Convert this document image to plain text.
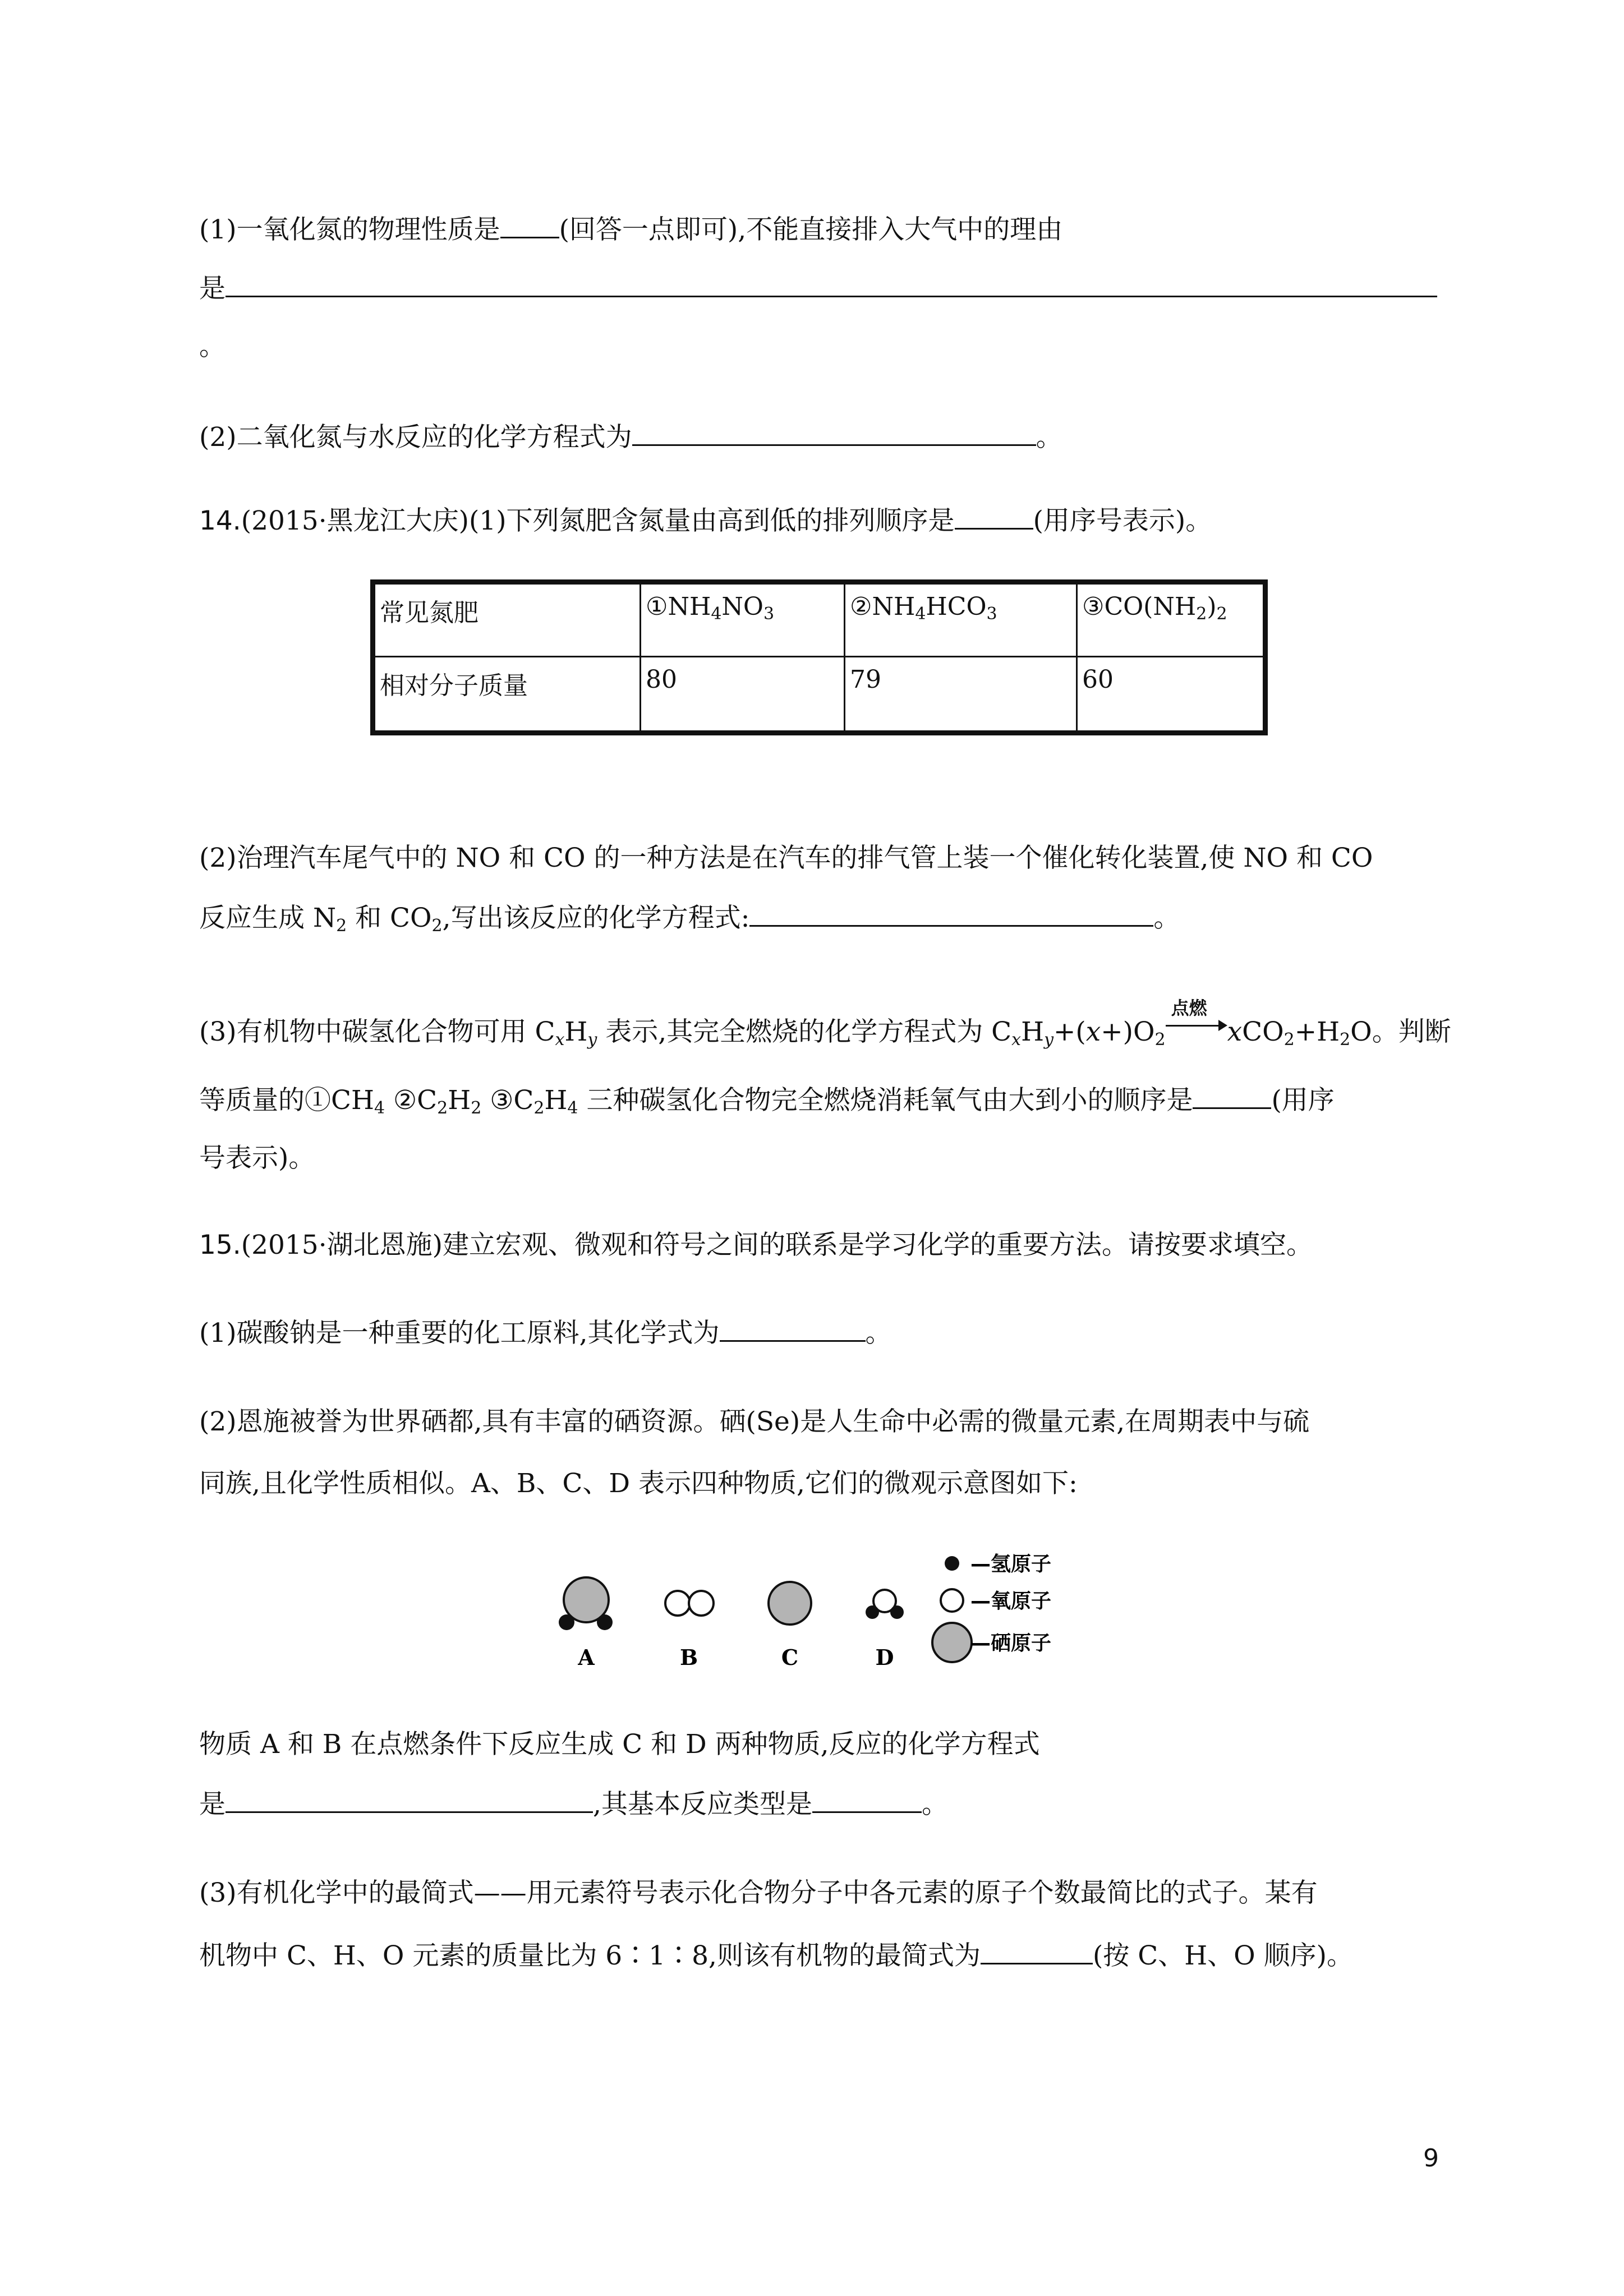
(1)一氧化氮的物理性质是 (回答一点即可),不能直接排入大气中的理由
是
。
(2)二氧化氮与水反应的化学方程式为	。
14.(2015·黑龙江大庆)(1)下列氮肥含氮量由高到低的排列顺序是	(用序号表示)。
常见氮肥	$①NH_4NO_3$	$②NH_4HCO_3$	$③CO(NH_2)_2$
相对分子质量	80	79	60
(2)治理汽车尾气中的 NO 和 CO 的一种方法是在汽车的排气管上装一个催化转化装置,使 NO 和 CO
反应生成 $N_2$ 和 $CO_2$,写出该反应的化学方程式:	。
(3)有机物中碳氢化合物可用 $C_xH_y$ 表示,其完全燃烧的化学方程式为 $C_xH_y+(x+)O_2$
点燃
$xCO_2+H_2O$。判断
等质量的$①CH_4$ $②C_2H_2$ $③C_2H_4$ 三种碳氢化合物完全燃烧消耗氧气由大到小的顺序是	(用序
号表示)。
15.(2015·湖北恩施)建立宏观、微观和符号之间的联系是学习化学的重要方法。请按要求填空。
(1)碳酸钠是一种重要的化工原料,其化学式为	。
(2)恩施被誉为世界硒都,具有丰富的硒资源。硒(Se)是人生命中必需的微量元素,在周期表中与硫
同族,且化学性质相似。A、B、C、D 表示四种物质,它们的微观示意图如下:
A	B	C	D
—氢原子
—氧原子
—硒原子
物质 A 和 B 在点燃条件下反应生成 C 和 D 两种物质,反应的化学方程式
是	,其基本反应类型是	。
(3)有机化学中的最简式——用元素符号表示化合物分子中各元素的原子个数最简比的式子。某有
机物中 C、H、O 元素的质量比为 6∶1∶8,则该有机物的最简式为	(按 C、H、O 顺序)。
9
